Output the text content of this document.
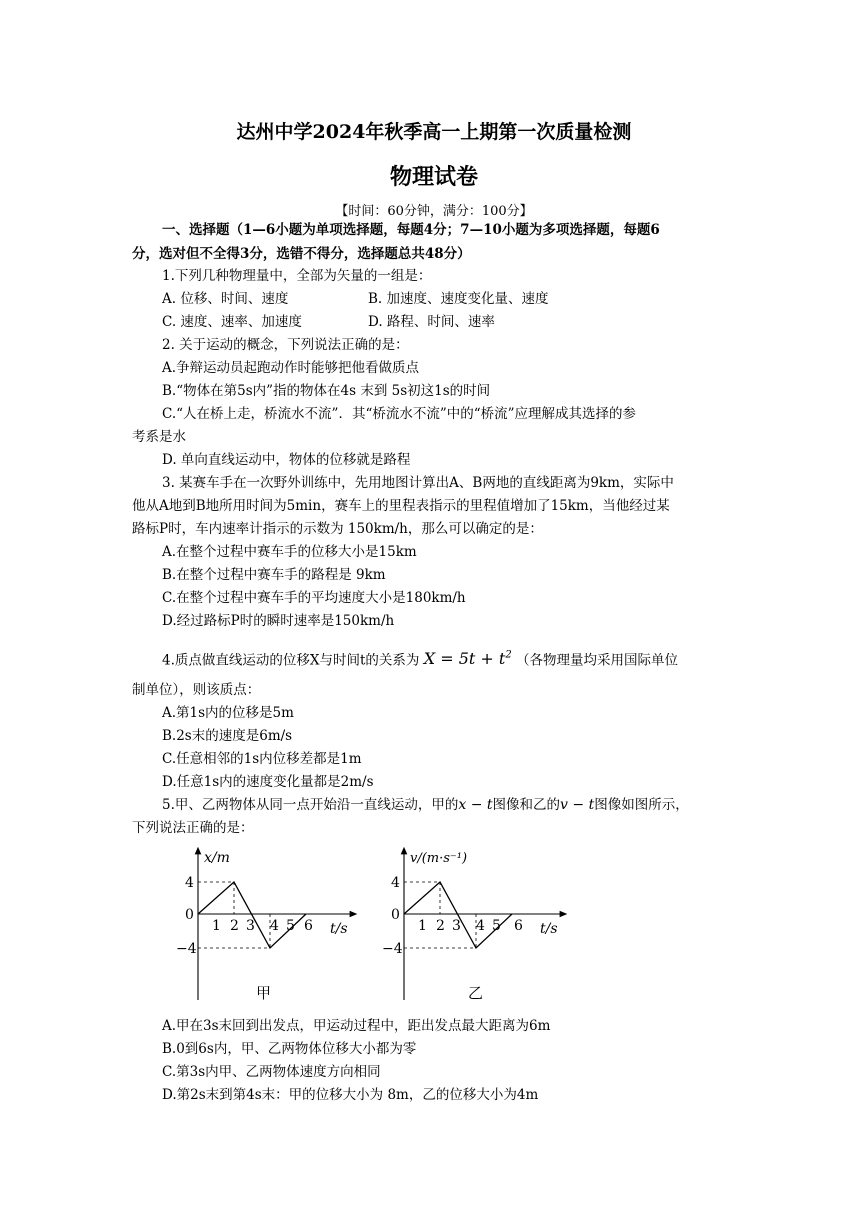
达州中学2024年秋季高一上期第一次质量检测
物理试卷
【时间：60分钟，满分：100分】
一、选择题（1—6小题为单项选择题，每题4分；7—10小题为多项选择题，每题6
分，选对但不全得3分，选错不得分，选择题总共48分）
1.下列几种物理量中，全部为矢量的一组是：
A. 位移、时间、速度	B. 加速度、速度变化量、速度
C. 速度、速率、加速度	D. 路程、时间、速率
2. 关于运动的概念，下列说法正确的是：
A.争辩运动员起跑动作时能够把他看做质点
B.“物体在第5s内”指的物体在4s 末到 5s初这1s的时间
C.“人在桥上走，桥流水不流”．其“桥流水不流”中的“桥流”应理解成其选择的参
考系是水
D. 单向直线运动中，物体的位移就是路程
3. 某赛车手在一次野外训练中，先用地图计算出A、B两地的直线距离为9km，实际中
他从A地到B地所用时间为5min，赛车上的里程表指示的里程值增加了15km，当他经过某
路标P时，车内速率计指示的示数为 150km/h，那么可以确定的是：
A.在整个过程中赛车手的位移大小是15km
B.在整个过程中赛车手的路程是 9km
C.在整个过程中赛车手的平均速度大小是180km/h
D.经过路标P时的瞬时速率是150km/h
4.质点做直线运动的位移X与时间t的关系为 $X = 5t + t^2$ （各物理量均采用国际单位
制单位），则该质点：
A.第1s内的位移是5m
B.2s末的速度是6m/s
C.任意相邻的1s内位移差都是1m
D.任意1s内的速度变化量都是2m/s
5.甲、乙两物体从同一点开始沿一直线运动，甲的x − t图像和乙的v − t图像如图所示，
下列说法正确的是：
x/m
t/s
4
0
−4
1 2 3 4 5 6
甲
v/(m·s⁻¹)
t/s
4
0
−4
1 2 3 4 5 6
乙
A.甲在3s末回到出发点，甲运动过程中，距出发点最大距离为6m
B.0到6s内，甲、乙两物体位移大小都为零
C.第3s内甲、乙两物体速度方向相同
D.第2s末到第4s末：甲的位移大小为 8m，乙的位移大小为4m
